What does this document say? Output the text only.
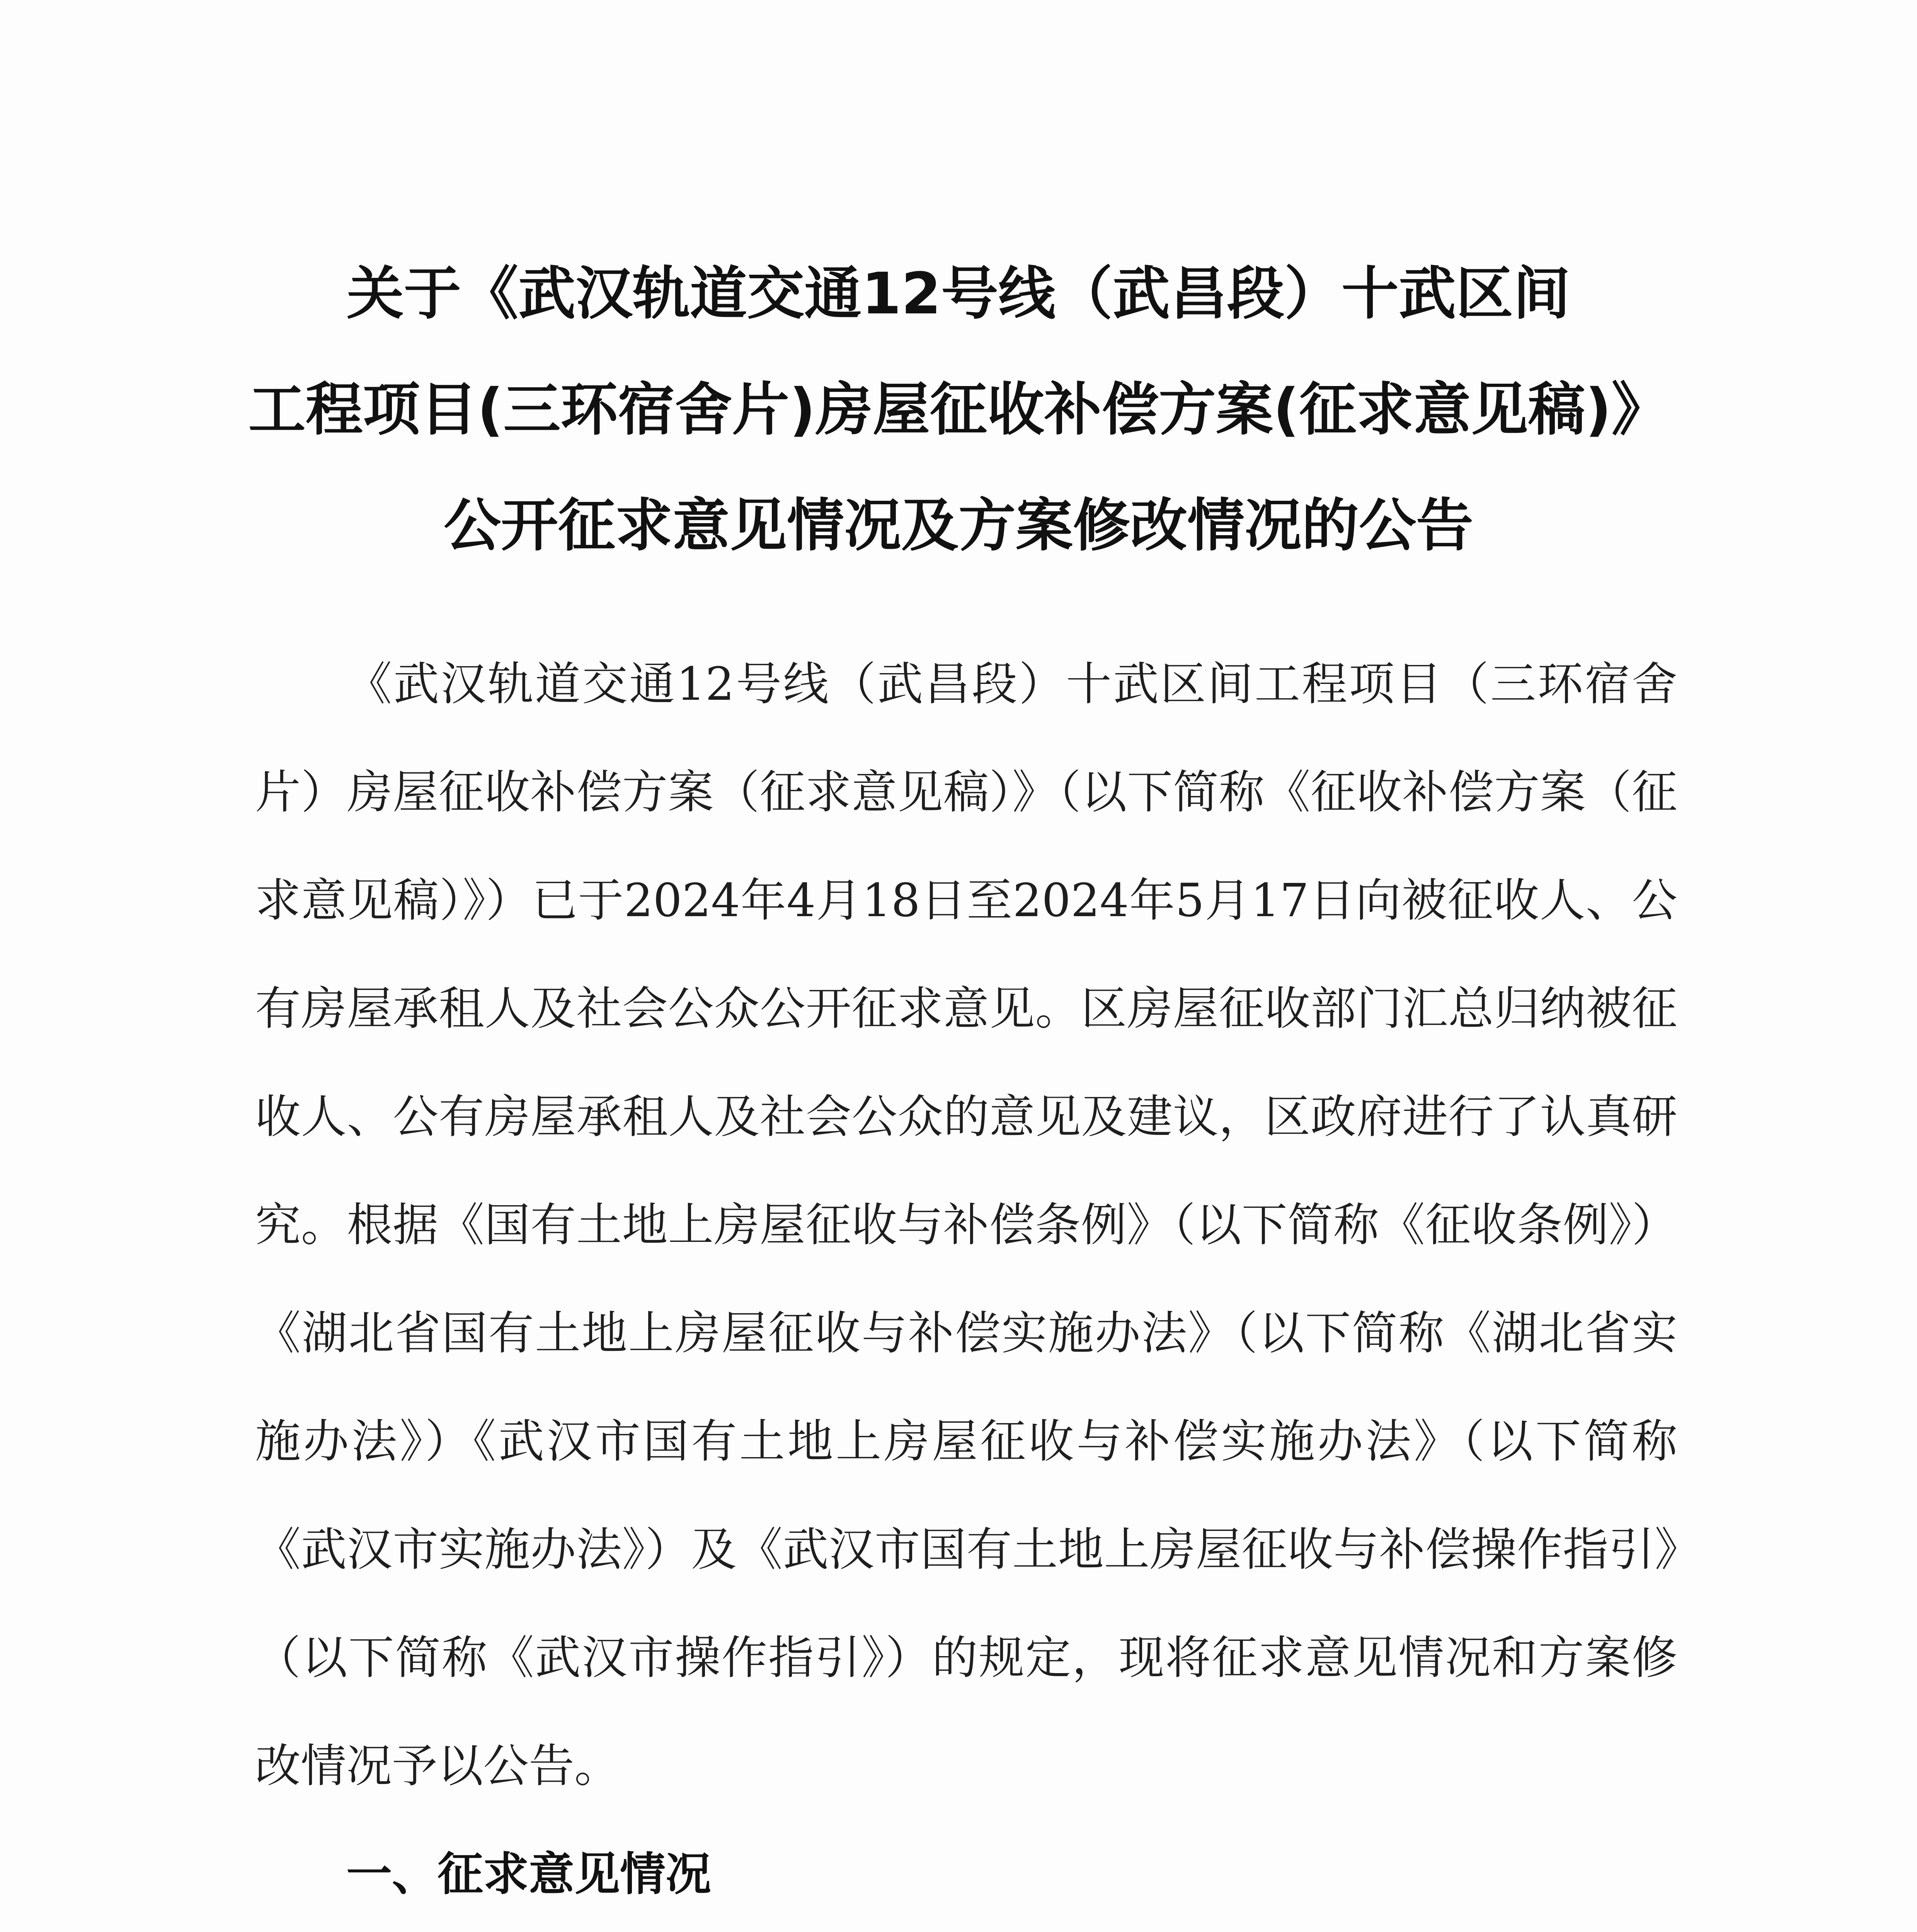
关于《武汉轨道交通12号线（武昌段）十武区间
工程项目(三环宿舍片)房屋征收补偿方案(征求意见稿)》
公开征求意见情况及方案修改情况的公告

《武汉轨道交通12号线（武昌段）十武区间工程项目（三环宿舍片）房屋征收补偿方案（征求意见稿）》（以下简称《征收补偿方案（征求意见稿）》）已于2024年4月18日至2024年5月17日向被征收人、公有房屋承租人及社会公众公开征求意见。区房屋征收部门汇总归纳被征收人、公有房屋承租人及社会公众的意见及建议，区政府进行了认真研究。根据《国有土地上房屋征收与补偿条例》（以下简称《征收条例》）《湖北省国有土地上房屋征收与补偿实施办法》（以下简称《湖北省实施办法》）《武汉市国有土地上房屋征收与补偿实施办法》（以下简称《武汉市实施办法》）及《武汉市国有土地上房屋征收与补偿操作指引》（以下简称《武汉市操作指引》）的规定，现将征求意见情况和方案修改情况予以公告。

一、征求意见情况
